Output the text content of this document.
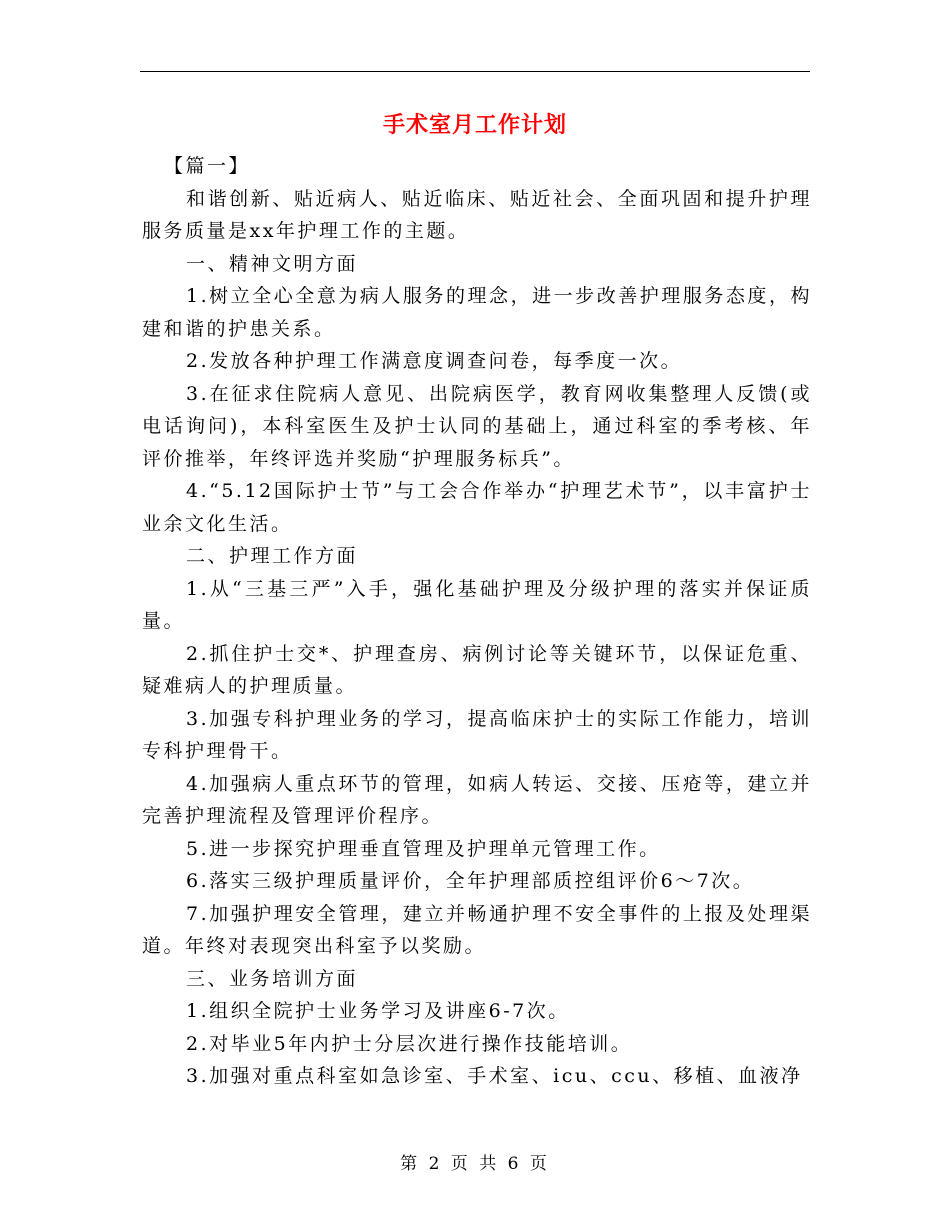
手术室月工作计划

【篇一】

和谐创新、贴近病人、贴近临床、贴近社会、全面巩固和提升护理服务质量是xx年护理工作的主题。

一、精神文明方面

1.树立全心全意为病人服务的理念，进一步改善护理服务态度，构建和谐的护患关系。

2.发放各种护理工作满意度调查问卷，每季度一次。

3.在征求住院病人意见、出院病医学，教育网收集整理人反馈(或电话询问)，本科室医生及护士认同的基础上，通过科室的季考核、年评价推举，年终评选并奖励“护理服务标兵”。

4.“5.12国际护士节”与工会合作举办“护理艺术节”，以丰富护士业余文化生活。

二、护理工作方面

1.从“三基三严”入手，强化基础护理及分级护理的落实并保证质量。

2.抓住护士交*、护理查房、病例讨论等关键环节，以保证危重、疑难病人的护理质量。

3.加强专科护理业务的学习，提高临床护士的实际工作能力，培训专科护理骨干。

4.加强病人重点环节的管理，如病人转运、交接、压疮等，建立并完善护理流程及管理评价程序。

5.进一步探究护理垂直管理及护理单元管理工作。

6.落实三级护理质量评价，全年护理部质控组评价6～7次。

7.加强护理安全管理，建立并畅通护理不安全事件的上报及处理渠道。年终对表现突出科室予以奖励。

三、业务培训方面

1.组织全院护士业务学习及讲座6-7次。

2.对毕业5年内护士分层次进行操作技能培训。

3.加强对重点科室如急诊室、手术室、icu、ccu、移植、血液净

第 2 页 共 6 页
